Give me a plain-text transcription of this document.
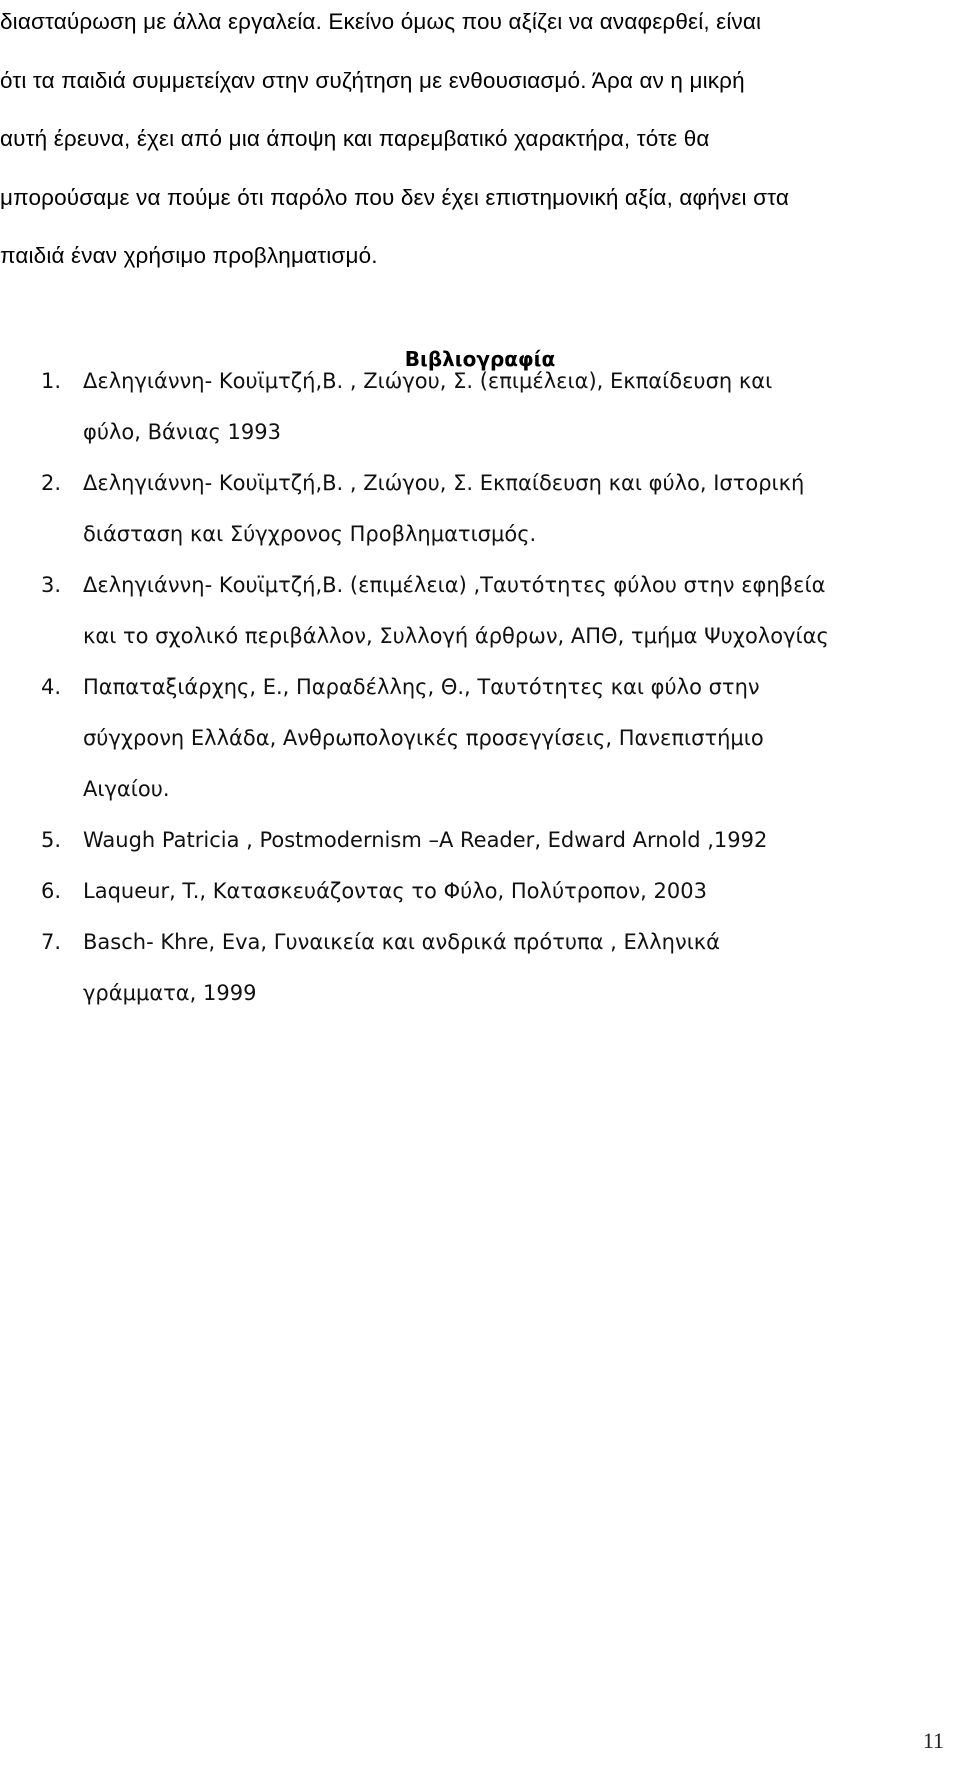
διασταύρωση με άλλα εργαλεία. Εκείνο όμως που αξίζει να αναφερθεί, είναι
ότι τα παιδιά συμμετείχαν στην συζήτηση με ενθουσιασμό. Άρα αν η μικρή
αυτή έρευνα, έχει από μια άποψη και παρεμβατικό χαρακτήρα, τότε θα
μπορούσαμε να πούμε ότι παρόλο που δεν έχει επιστημονική αξία, αφήνει στα
παιδιά έναν χρήσιμο προβληματισμό.
Βιβλιογραφία
1. Δεληγιάννη- Κουϊμτζή,Β. , Ζιώγου, Σ. (επιμέλεια), Εκπαίδευση και
φύλο, Βάνιας 1993
2. Δεληγιάννη- Κουϊμτζή,Β. , Ζιώγου, Σ. Εκπαίδευση και φύλο, Ιστορική
διάσταση και Σύγχρονος Προβληματισμός.
3. Δεληγιάννη- Κουϊμτζή,Β. (επιμέλεια) ,Ταυτότητες φύλου στην εφηβεία
και το σχολικό περιβάλλον, Συλλογή άρθρων, ΑΠΘ, τμήμα Ψυχολογίας
4. Παπαταξιάρχης, Ε., Παραδέλλης, Θ., Ταυτότητες και φύλο στην
σύγχρονη Ελλάδα, Ανθρωπολογικές προσεγγίσεις, Πανεπιστήμιο
Αιγαίου.
5. Waugh Patricia , Postmodernism –A Reader, Edward Arnold ,1992
6. Laqueur, T., Κατασκευάζοντας το Φύλο, Πολύτροπον, 2003
7. Basch- Khre, Eva, Γυναικεία και ανδρικά πρότυπα , Ελληνικά
γράμματα, 1999
11
